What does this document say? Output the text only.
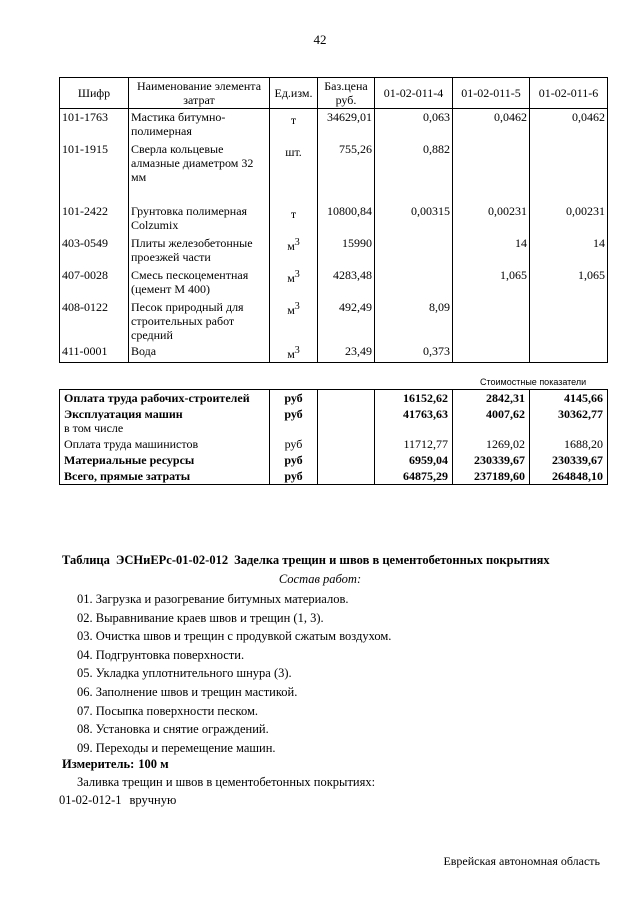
42
Шифр	Наименование элемента затрат	Ед.изм.	Баз.цена руб.	01-02-011-4	01-02-011-5	01-02-011-6
101-1763	Мастика битумно-полимерная	т	34629,01	0,063	0,0462	0,0462
101-1915	Сверла кольцевые алмазные диаметром 32 мм	шт.	755,26	0,882		
101-2422	Грунтовка полимерная Colzumix	т	10800,84	0,00315	0,00231	0,00231
403-0549	Плиты железобетонные проезжей части	$м^3$	15990		14	14
407-0028	Смесь пескоцементная (цемент М 400)	$м^3$	4283,48		1,065	1,065
408-0122	Песок природный для строительных работ средний	$м^3$	492,49	8,09		
411-0001	Вода	$м^3$	23,49	0,373		
Стоимостные показатели
Оплата труда рабочих-строителей	руб		16152,62	2842,31	4145,66
Эксплуатация машин
в том числе	руб		41763,63	4007,62	30362,77
Оплата труда машинистов	руб		11712,77	1269,02	1688,20
Материальные ресурсы	руб		6959,04	230339,67	230339,67
Всего, прямые затраты	руб		64875,29	237189,60	264848,10
Таблица ЭСНиЕРс-01-02-012 Заделка трещин и швов в цементобетонных покрытиях
Состав работ:
01. Загрузка и разогревание битумных материалов.
02. Выравнивание краев швов и трещин (1, 3).
03. Очистка швов и трещин с продувкой сжатым воздухом.
04. Подгрунтовка поверхности.
05. Укладка уплотнительного шнура (3).
06. Заполнение швов и трещин мастикой.
07. Посыпка поверхности песком.
08. Установка и снятие ограждений.
09. Переходы и перемещение машин.
Измеритель: 100 м
Заливка трещин и швов в цементобетонных покрытиях:
01-02-012-1 вручную
Еврейская автономная область
